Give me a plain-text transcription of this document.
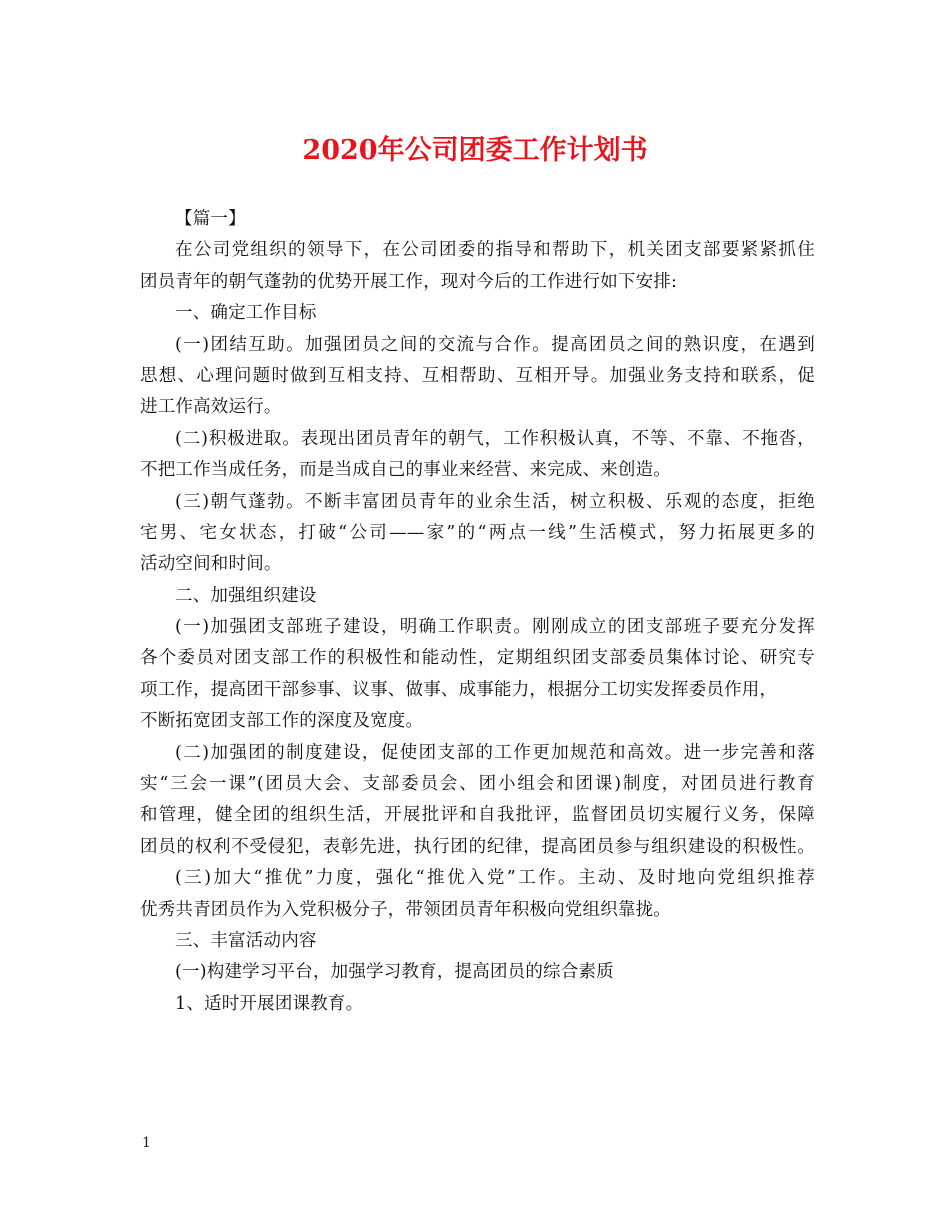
2020年公司团委工作计划书
【篇一】
在公司党组织的领导下，在公司团委的指导和帮助下，机关团支部要紧紧抓住
团员青年的朝气蓬勃的优势开展工作，现对今后的工作进行如下安排:
一、确定工作目标
(一)团结互助。加强团员之间的交流与合作。提高团员之间的熟识度，在遇到
思想、心理问题时做到互相支持、互相帮助、互相开导。加强业务支持和联系，促
进工作高效运行。
(二)积极进取。表现出团员青年的朝气，工作积极认真，不等、不靠、不拖沓，
不把工作当成任务，而是当成自己的事业来经营、来完成、来创造。
(三)朝气蓬勃。不断丰富团员青年的业余生活，树立积极、乐观的态度，拒绝
宅男、宅女状态，打破“公司——家”的“两点一线”生活模式，努力拓展更多的
活动空间和时间。
二、加强组织建设
(一)加强团支部班子建设，明确工作职责。刚刚成立的团支部班子要充分发挥
各个委员对团支部工作的积极性和能动性，定期组织团支部委员集体讨论、研究专
项工作，提高团干部参事、议事、做事、成事能力，根据分工切实发挥委员作用，
不断拓宽团支部工作的深度及宽度。
(二)加强团的制度建设，促使团支部的工作更加规范和高效。进一步完善和落
实“三会一课”(团员大会、支部委员会、团小组会和团课)制度，对团员进行教育
和管理，健全团的组织生活，开展批评和自我批评，监督团员切实履行义务，保障
团员的权利不受侵犯，表彰先进，执行团的纪律，提高团员参与组织建设的积极性。
(三)加大“推优”力度，强化“推优入党”工作。主动、及时地向党组织推荐
优秀共青团员作为入党积极分子，带领团员青年积极向党组织靠拢。
三、丰富活动内容
(一)构建学习平台，加强学习教育，提高团员的综合素质
1、适时开展团课教育。
1
